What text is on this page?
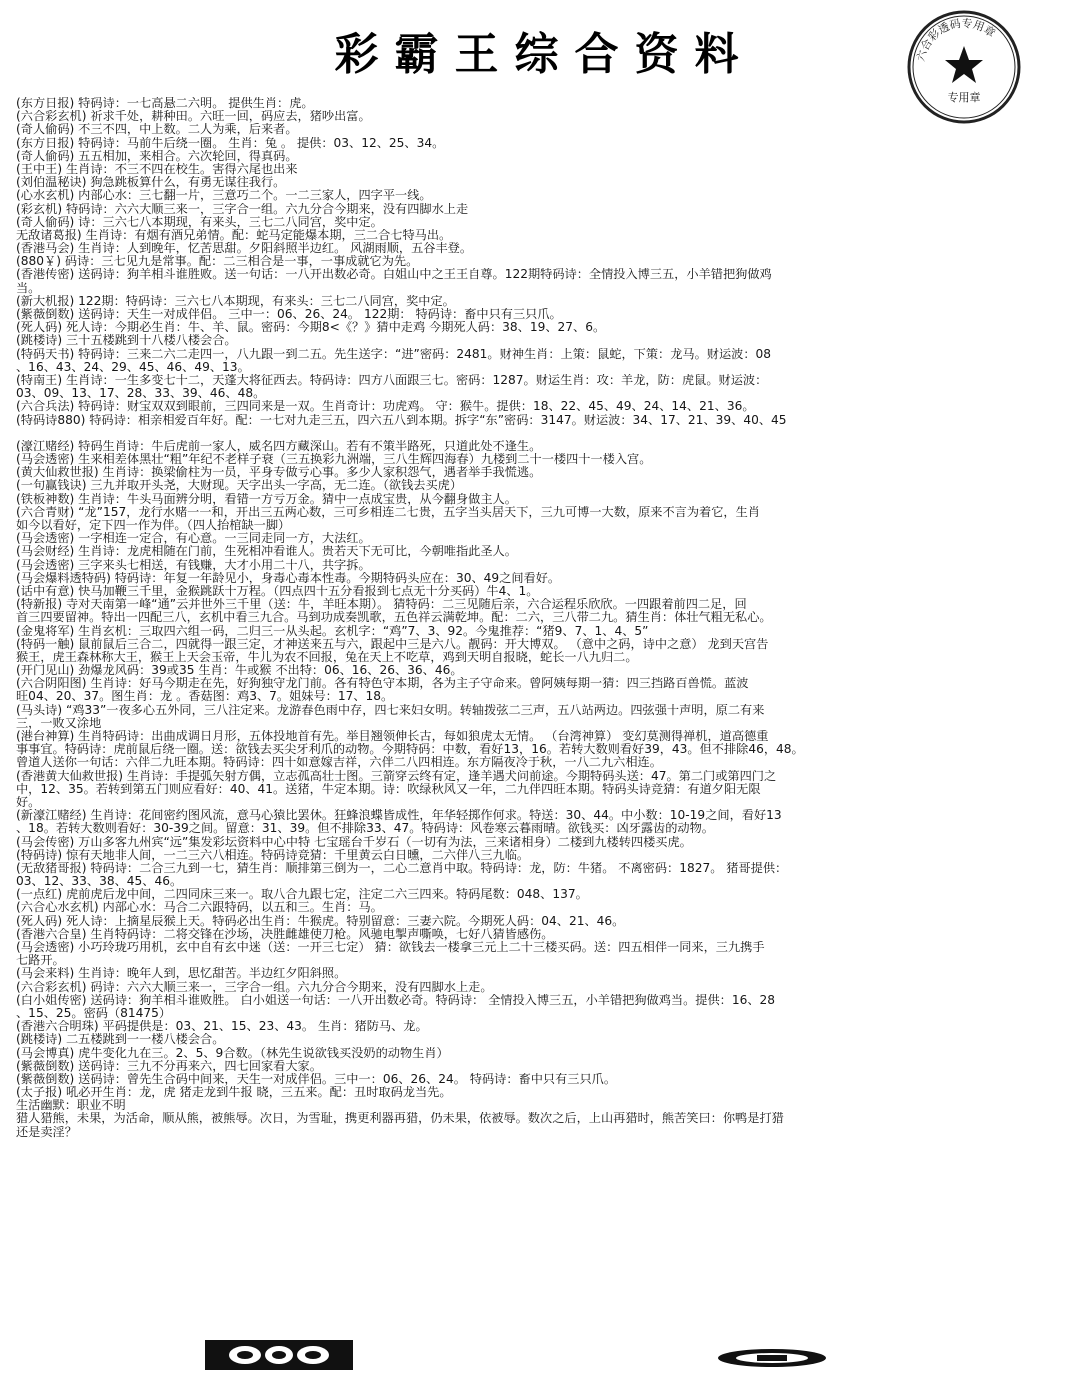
彩霸王综合资料	六合彩透码专用章
专用章
(东方日报) 特码诗：一七高悬二六明。 提供生肖：虎。
(六合彩玄机) 祈求千处，耕种田。六旺一回，码应去，猪吵出富。
(奇人偷码) 不三不四，中上数。二人为乘，后来者。
(东方日报) 特码诗：马前牛后绕一圈。 生肖：兔 。 提供：03、12、25、34。
(奇人偷码) 五五相加，来相合。六次轮回，得真码。
(王中王) 生肖诗：不三不四在校生。害得六尾也出来
(刘伯温秘诀) 狗急跳板算什么，有勇无谋往我行。
(心水玄机) 内部心水：三七翻一片，三意巧二个。一二三家人，四字平一线。
(彩玄机) 特码诗：六六大顺三来一，三字合一组。六九分合今期来，没有四脚水上走
(奇人偷码) 诗：三六七八本期现，有来头，三七二八同宫，奖中定。
无敌诸葛报) 生肖诗：有烟有酒兄弟情。配：蛇马定能爆本期，三二合七特马出。
(香港马会) 生肖诗：人到晚年，忆苦思甜。夕阳斜照半边红。 风湖雨顺，五谷丰登。
(880￥) 码诗：三七见九是常事。配：二三相合是一事，一事成就它为先。
(香港传密) 送码诗：狗羊相斗谁胜败。送一句话：一八开出数必奇。白姐山中之王王自尊。122期特码诗：全情投入博三五，小羊错把狗做鸡
当。
(新大机报) 122期：特码诗：三六七八本期现，有来头：三七二八同宫，奖中定。
(紫薇倒数) 送码诗：天生一对成伴侣。 三中一：06、26、24。 122期： 特码诗：畜中只有三只爪。
(死人码) 死人诗：今期必生肖：牛、羊、鼠。密码：今期8<《？》猜中走鸡 今期死人码：38、19、27、6。
(跳楼诗) 三十五楼跳到十八楼八楼会合。
(特码天书) 特码诗：三来二六二走四一，八九跟一到二五。先生送字：“进”密码：2481。财神生肖：上策：鼠蛇，下策：龙马。财运波：08
、16、43、24、29、45、46、49、13。
(特南王) 生肖诗：一生多变七十二，天蓬大将征西去。特码诗：四方八面跟三七。密码：1287。财运生肖：攻：羊龙，防：虎鼠。财运波：
03、09、13、17、28、33、39、46、48。
(六合兵法) 特码诗：财宝双双到眼前，三四同来是一双。生肖奇计：功虎鸡。 守：猴牛。提供：18、22、45、49、24、14、21、36。
(特码诗880) 特码诗：相亲相爱百年好。配：一七对九走三五，四六五八到本期。拆字“东”密码：3147。财运波：34、17、21、39、40、45
(濠江赌经) 特码生肖诗：牛后虎前一家人，威名四方藏深山。若有不策半路死，只道此处不逢生。
(马会透密) 生来相差体黑壮“粗”年纪不老样子衰（三五换彩九洲端，三八生辉四海春）九楼到二十一楼四十一楼入宫。
(黄大仙救世报) 生肖诗：换梁偷柱为一员，平身专做亏心事。多少人家积怨气，遇者举手我慌逃。
(一句赢钱诀) 三九并取开头尧，大财现。天字出头一字高，无二连。（欲钱去买虎）
(铁板神数) 生肖诗：牛头马面辨分明，看错一方亏万金。猜中一点成宝贵，从今翻身做主人。
(六合青财) “龙”157，龙行水赌一一和，开出三五两心数，三可乡相连二七贵，五字当头居天下，三九可博一大数，原来不言为着它，生肖
如今以看好，定下四一作为伴。（四人抬棺缺一脚）
(马会透密) 一字相连一定合，有心意。一三同走同一方，大法红。
(马会财经) 生肖诗：龙虎相随在门前，生死相冲看谁人。贵若天下无可比，今朝唯指此圣人。
(马会透密) 三字来头七相送，有钱赚，大才小用二十八，共字拆。
(马会爆料透特码) 特码诗：年复一年龄见小，身毒心毒本性毒。今期特码头应在：30、49之间看好。
(话中有意) 快马加鞭三千里，金猴跳跃十万程。（四点四十五分看报到七点无十分买码）牛4、1。
(特新报) 寺对天南第一峰“通”云并世外三千里（送：牛，羊旺本期）。 猜特码：二三见随后亲，六合运程乐欣欣。一四跟着前四二足，回
首三四要留神。特出一四配三八，玄机中看三九合。马到功成奏凯歌，五色祥云满乾坤。配：二六，三八带二九。猜生肖：体壮气粗无私心。
(金鬼将军) 生肖玄机：三取四六组一码，二归三一从头起。玄机字：“鸡”7、3、92。今鬼推荐：“猪9、7、1、4、5”
(特码一触) 鼠前鼠后三合二，四就得一跟三定，才神送来五与六，跟起中三是六八。靓码：开大博双。 （意中之码，诗中之意） 龙到天宫告
猴王，虎王森林称大王，猴王上天会玉帝，牛儿为农不回报，兔在天上不吃草，鸡到天明自报晓，蛇长一八九归二。
(开门见山) 劲爆龙风码：39或35 生肖：牛或猴 不出特：06、16、26、36、46。
(六合阴阳图) 生肖诗：好马今期走在先，好狗独守龙门前。各有特色守本期，各为主子守命来。曾阿姨每期一猜：四三挡路百兽慌。蓝波
旺04、20、37。图生肖：龙 。香菇图：鸡3、7。姐妹号：17、18。
(马头诗) “鸡33”一夜多心五外同，三八注定来。龙游春色雨中存，四七来妇女明。转轴拨弦二三声，五八站两边。四弦强十声明，原二有来
三，一败又涂地
(港台神算) 生肖特码诗：出曲成调日月形，五体投地首有先。举目翘领伸长古，每如狼虎太无情。 （台湾神算） 变幻莫测得禅机，道高德重
事事宜。特码诗：虎前鼠后绕一圈。送：欲钱去买尖牙利爪的动物。今期特码：中数，看好13，16。若转大数则看好39，43。但不排除46，48。
曾道人送你一句话：六伴二九旺本期。特码诗：四十如意嫁吉祥，六伴二八四相连。东方隔夜冷于秋，一八二九六相连。
(香港黄大仙救世报) 生肖诗：手提弧矢射方偶，立志孤高壮士图。三箭穿云终有定，逢羊遇犬问前途。今期特码头送：47。第二门或第四门之
中，12、35。若转到第五门则应看好：40、41。送猪，牛定本期。诗：吹绿秋风又一年，二九伴四旺本期。特码头诗竞猜：有道夕阳无限
好。
(新濠江赌经) 生肖诗：花间密约图风流，意马心猿比罢休。狂蜂浪蝶皆成性，年华轻掷作何求。特送：30、44。中小数：10-19之间，看好13
、18。若转大数则看好：30-39之间。留意：31、39。但不排除33、47。特码诗：风卷寒云暮雨晴。欲钱买：凶牙露齿的动物。
(马会传密) 万山多客九州宾“远”集发彩坛资料中心中特 七宝瑶台千岁石（一切有为法，三来诸相身）二楼到九楼转四楼买虎。
(特码诗) 惊有天地非人间，一二三六八相连。特码诗竞猜：千里黄云白日曛，二六伴八三九临。
(无敌猪哥报) 特码诗：二合三九到一七，猜生肖：顺排第三倒为一，二心二意肖中取。特码诗：龙，防：牛猪。 不离密码：1827。 猪哥提供：
03、12、33、38、45、46。
(一点红) 虎前虎后龙中间，二四同床三来一。取八合九跟七定，注定二六三四来。特码尾数：048、137。
(六合心水玄机) 内部心水：马合二六跟特码，以五和三。生肖：马。
(死人码) 死人诗：上摘星辰猴上天。特码必出生肖：牛猴虎。特别留意：三妻六院。今期死人码：04、21、46。
(香港六合皇) 生肖特码诗：二将交锋在沙场，决胜雌雄使刀枪。风驰电掣声嘶唤，七好八猜皆感伤。
(马会透密) 小巧玲珑巧用机，玄中自有玄中迷（送：一开三七定） 猜：欲钱去一楼拿三元上二十三楼买码。送：四五相伴一同来，三九携手
七路开。
(马会来料) 生肖诗：晚年人到，思忆甜苦。半边红夕阳斜照。
(六合彩玄机) 码诗：六六大顺三来一，三字合一组。六九分合今期来，没有四脚水上走。
(白小姐传密) 送码诗：狗羊相斗谁败胜。 白小姐送一句话：一八开出数必奇。特码诗： 全情投入博三五，小羊错把狗做鸡当。提供：16、28
、15、25。密码（81475）
(香港六合明珠) 平码提供是：03、21、15、23、43。 生肖：猪防马、龙。
(跳楼诗) 二五楼跳到一一楼八楼会合。
(马会博真) 虎牛变化九在三。2、5、9合数。（林先生说欲钱买没奶的动物生肖）
(紫薇倒数) 送码诗：三九不分再来六，四七回家看大家。
(紫薇倒数) 送码诗：曾先生合码中间来，天生一对成伴侣。三中一：06、26、24。 特码诗：畜中只有三只爪。
(太子报) 吼必开生肖：龙，虎 猪走龙到牛报 晓，三五来。配：丑时取码龙当先。
生活幽默：职业不明
猎人猎熊，未果，为活命，顺从熊，被熊辱。次日，为雪耻，携更利器再猎，仍未果，依被辱。数次之后，上山再猎时，熊苦笑曰：你鸭是打猎
还是卖淫？
